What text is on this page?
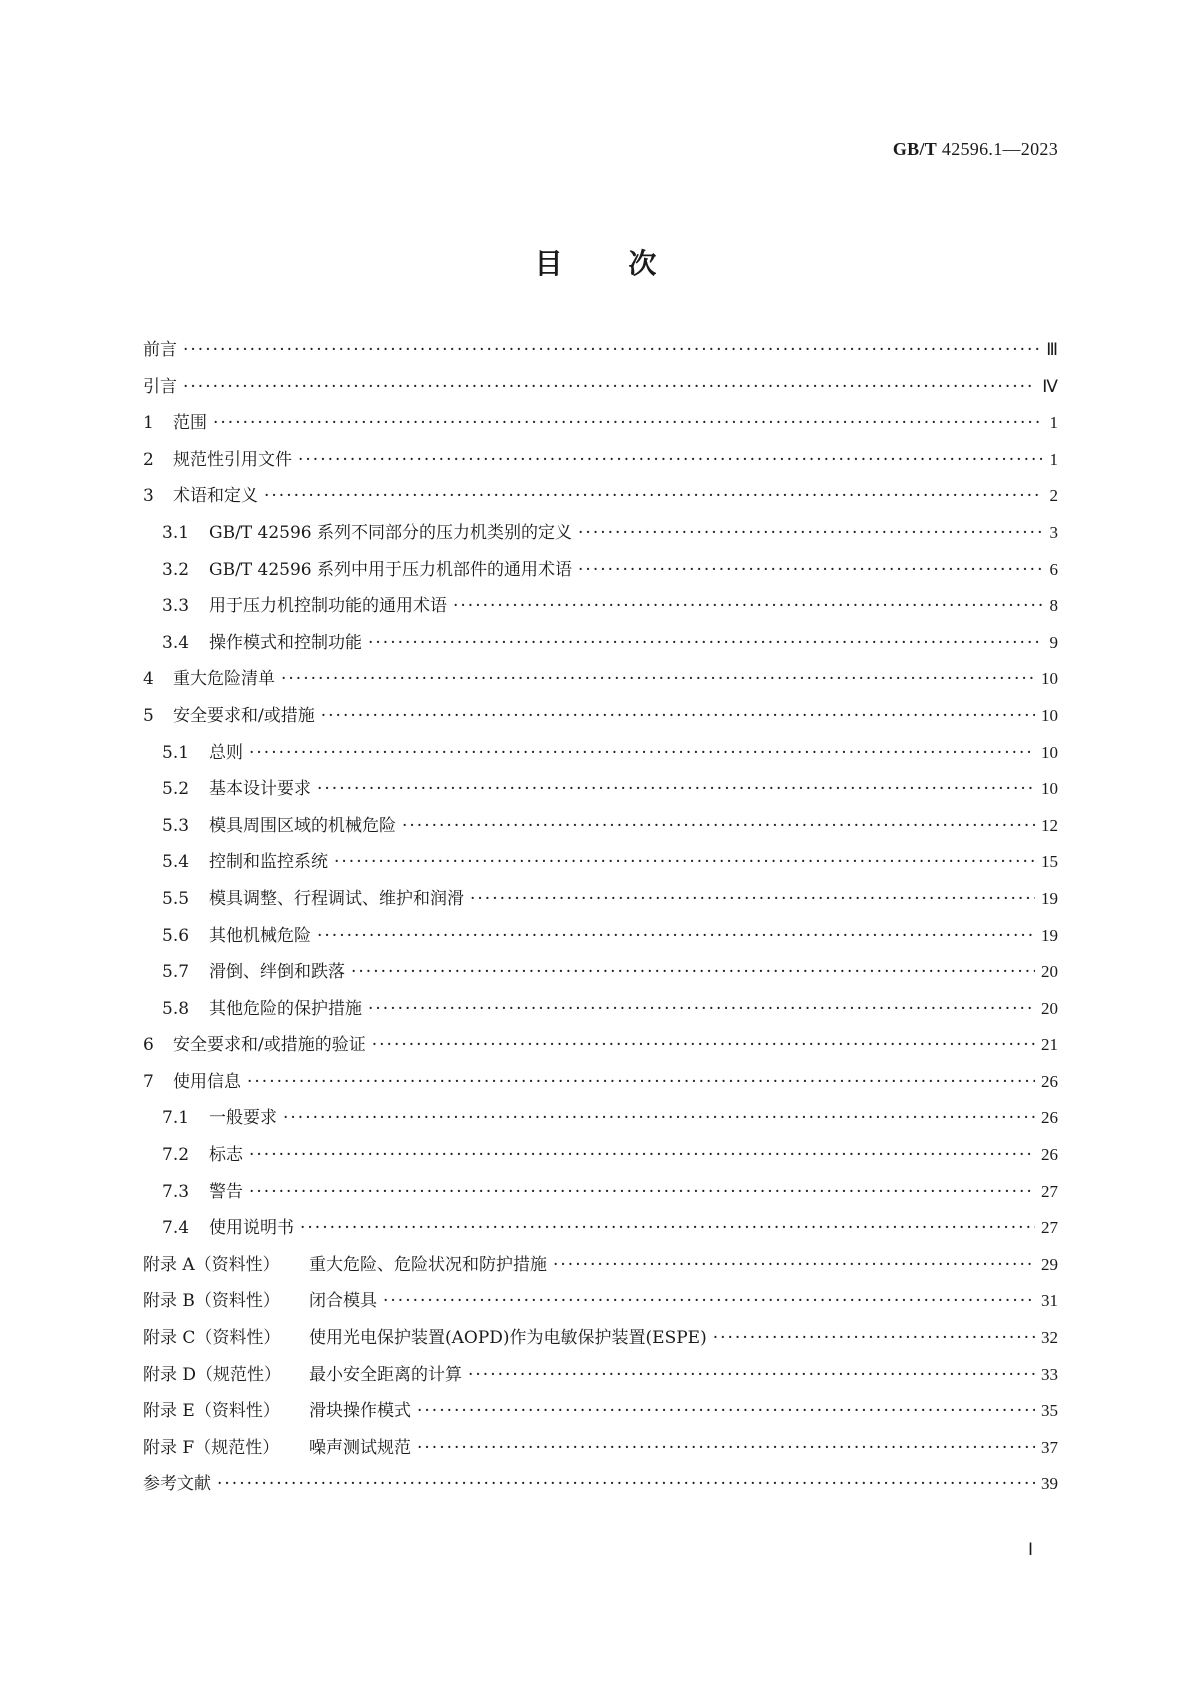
GB/T 42596.1—2023
目 次
前言 ·····	Ⅲ
引言 ·····	Ⅳ
1	范围 ·····	1
2	规范性引用文件 ·····	1
3	术语和定义 ·····	2
3.1	GB/T 42596 系列不同部分的压力机类别的定义 ·····	3
3.2	GB/T 42596 系列中用于压力机部件的通用术语 ·····	6
3.3	用于压力机控制功能的通用术语 ·····	8
3.4	操作模式和控制功能 ·····	9
4	重大危险清单 ·····	10
5	安全要求和/或措施 ·····	10
5.1	总则 ·····	10
5.2	基本设计要求 ·····	10
5.3	模具周围区域的机械危险 ·····	12
5.4	控制和监控系统 ·····	15
5.5	模具调整、行程调试、维护和润滑 ·····	19
5.6	其他机械危险 ·····	19
5.7	滑倒、绊倒和跌落 ·····	20
5.8	其他危险的保护措施 ·····	20
6	安全要求和/或措施的验证 ·····	21
7	使用信息 ·····	26
7.1	一般要求 ·····	26
7.2	标志 ·····	26
7.3	警告 ·····	27
7.4	使用说明书 ·····	27
附录 A（资料性）	重大危险、危险状况和防护措施 ·····	29
附录 B（资料性）	闭合模具 ·····	31
附录 C（资料性）	使用光电保护装置(AOPD)作为电敏保护装置(ESPE) ·····	32
附录 D（规范性）	最小安全距离的计算 ·····	33
附录 E（资料性）	滑块操作模式 ·····	35
附录 F（规范性）	噪声测试规范 ·····	37
参考文献 ·····	39
Ⅰ
